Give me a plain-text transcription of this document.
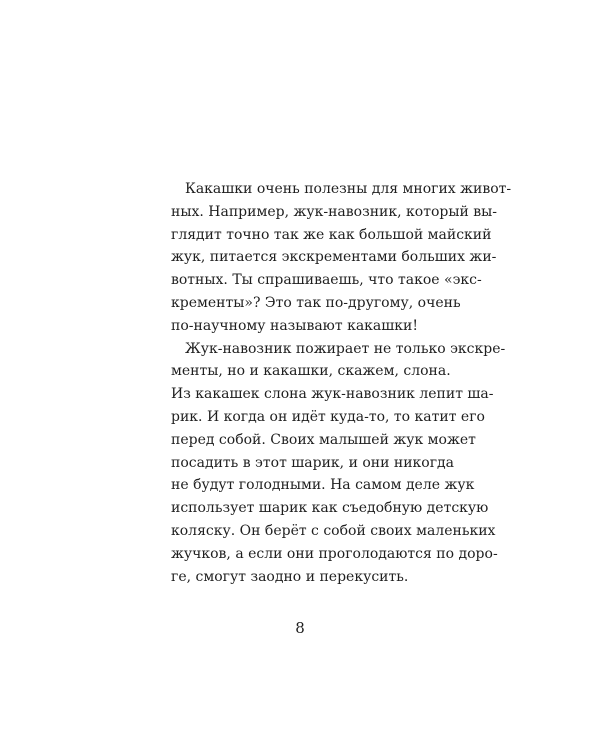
Какашки очень полезны для многих живот-
ных. Например, жук-навозник, который вы-
глядит точно так же как большой майский
жук, питается экскрементами больших жи-
вотных. Ты спрашиваешь, что такое «экс-
кременты»? Это так по-другому, очень
по-научному называют какашки!

Жук-навозник пожирает не только экскре-
менты, но и какашки, скажем, слона.
Из какашек слона жук-навозник лепит ша-
рик. И когда он идёт куда-то, то катит его
перед собой. Своих малышей жук может
посадить в этот шарик, и они никогда
не будут голодными. На самом деле жук
использует шарик как съедобную детскую
коляску. Он берёт с собой своих маленьких
жучков, а если они проголодаются по доро-
ге, смогут заодно и перекусить.

8
